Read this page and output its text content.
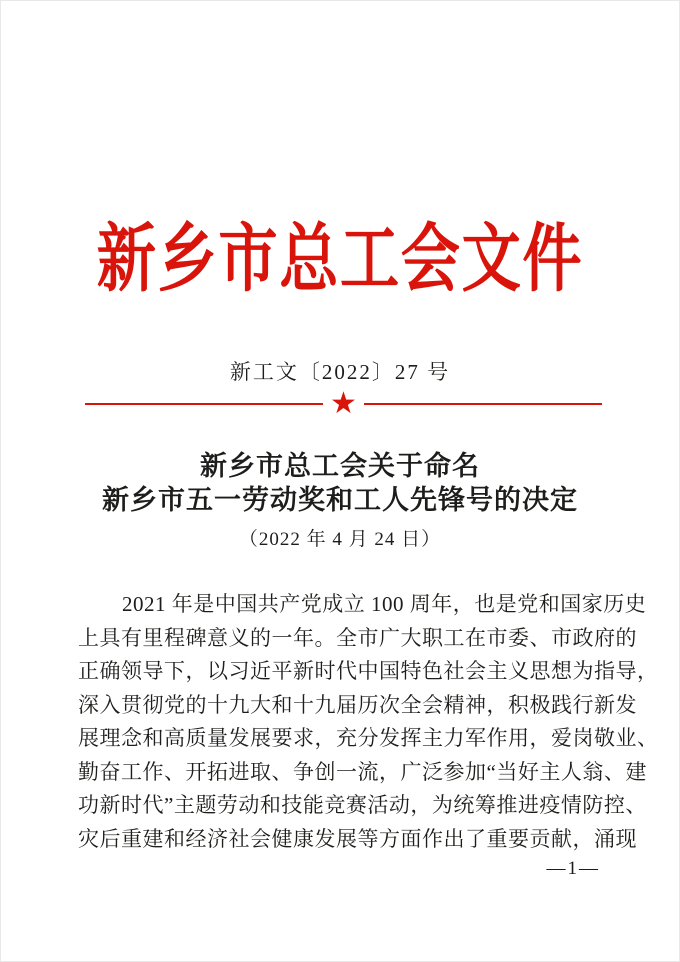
新乡市总工会文件
新工文〔2022〕27 号
★
新乡市总工会关于命名
新乡市五一劳动奖和工人先锋号的决定
（2022 年 4 月 24 日）
2021 年是中国共产党成立 100 周年，也是党和国家历史
上具有里程碑意义的一年。全市广大职工在市委、市政府的
正确领导下，以习近平新时代中国特色社会主义思想为指导，
深入贯彻党的十九大和十九届历次全会精神，积极践行新发
展理念和高质量发展要求，充分发挥主力军作用，爱岗敬业、
勤奋工作、开拓进取、争创一流，广泛参加“当好主人翁、建
功新时代”主题劳动和技能竞赛活动，为统筹推进疫情防控、
灾后重建和经济社会健康发展等方面作出了重要贡献，涌现
—1—
